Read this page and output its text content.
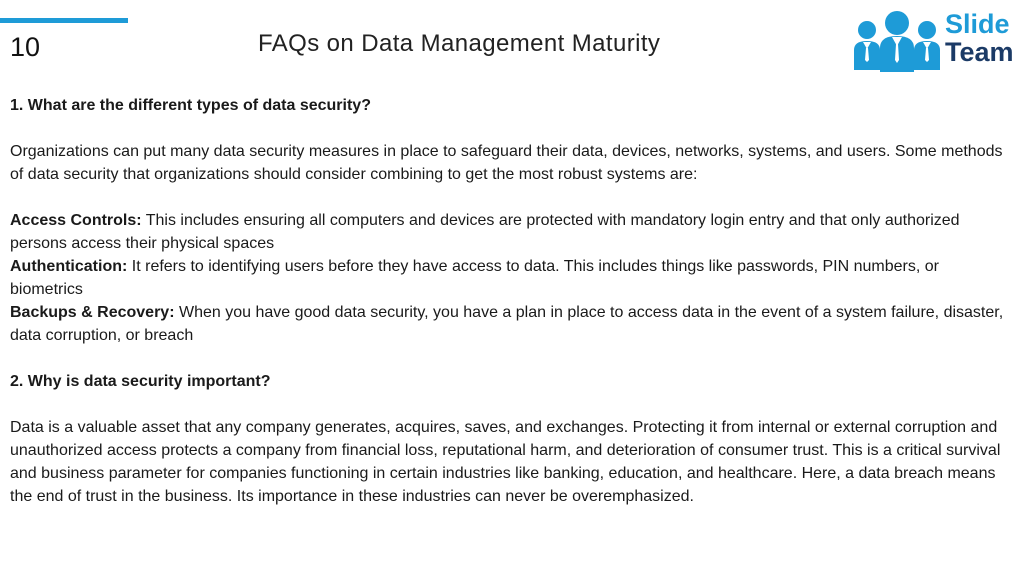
10	FAQs on Data Management Maturity
Slide
Team

1. What are the different types of data security?

Organizations can put many data security measures in place to safeguard their data, devices, networks, systems, and users. Some methods of data security that organizations should consider combining to get the most robust systems are:

Access Controls: This includes ensuring all computers and devices are protected with mandatory login entry and that only authorized persons access their physical spaces

Authentication: It refers to identifying users before they have access to data. This includes things like passwords, PIN numbers, or biometrics

Backups & Recovery: When you have good data security, you have a plan in place to access data in the event of a system failure, disaster, data corruption, or breach

2. Why is data security important?

Data is a valuable asset that any company generates, acquires, saves, and exchanges. Protecting it from internal or external corruption and unauthorized access protects a company from financial loss, reputational harm, and deterioration of consumer trust. This is a critical survival and business parameter for companies functioning in certain industries like banking, education, and healthcare. Here, a data breach means the end of trust in the business. Its importance in these industries can never be overemphasized.
